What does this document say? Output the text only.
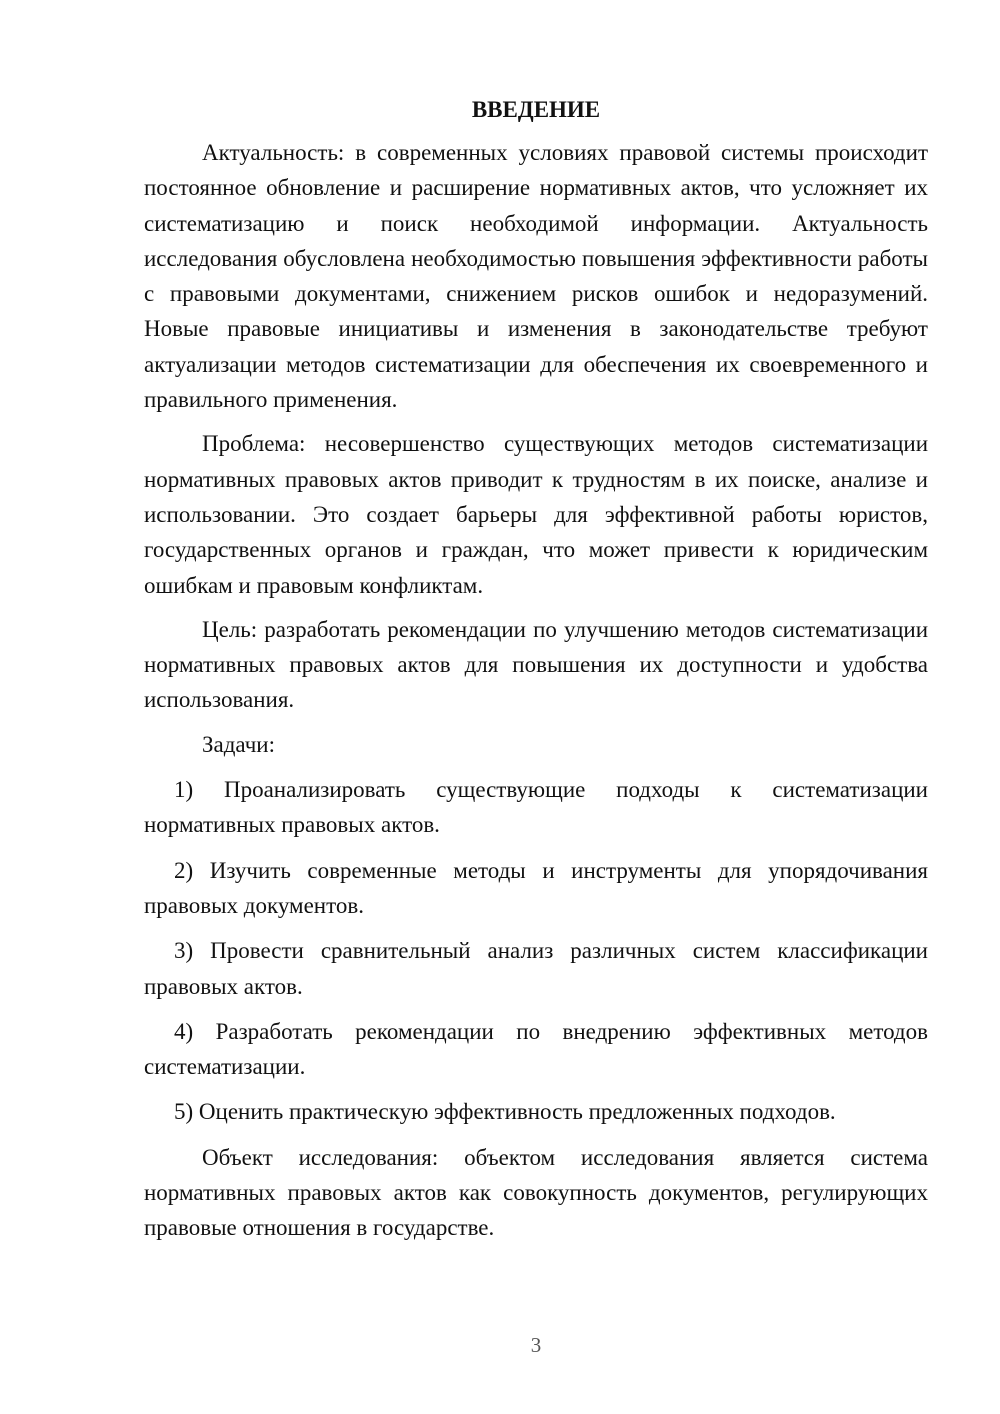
ВВЕДЕНИЕ

Актуальность: в современных условиях правовой системы происходит постоянное обновление и расширение нормативных актов, что усложняет их систематизацию и поиск необходимой информации. Актуальность исследования обусловлена необходимостью повышения эффективности работы с правовыми документами, снижением рисков ошибок и недоразумений. Новые правовые инициативы и изменения в законодательстве требуют актуализации методов систематизации для обеспечения их своевременного и правильного применения.

Проблема: несовершенство существующих методов систематизации нормативных правовых актов приводит к трудностям в их поиске, анализе и использовании. Это создает барьеры для эффективной работы юристов, государственных органов и граждан, что может привести к юридическим ошибкам и правовым конфликтам.

Цель: разработать рекомендации по улучшению методов систематизации нормативных правовых актов для повышения их доступности и удобства использования.

Задачи:

1) Проанализировать существующие подходы к систематизации нормативных правовых актов.

2) Изучить современные методы и инструменты для упорядочивания правовых документов.

3) Провести сравнительный анализ различных систем классификации правовых актов.

4) Разработать рекомендации по внедрению эффективных методов систематизации.

5) Оценить практическую эффективность предложенных подходов.

Объект исследования: объектом исследования является система нормативных правовых актов как совокупность документов, регулирующих правовые отношения в государстве.

3
